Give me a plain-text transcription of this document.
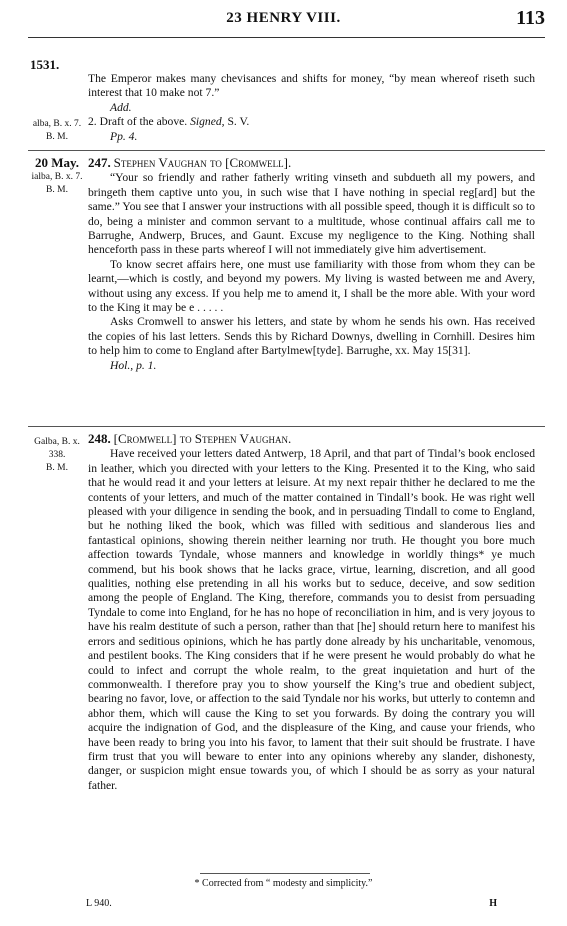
23 HENRY VIII.	113
1531.

The Emperor makes many chevisances and shifts for money, “by mean whereof riseth such interest that 10 make not 7.”

Add.

2. Draft of the above. Signed, S. V.

Pp. 4.

alba, B. x. 7.
B. M.
20 May.
ialba, B. x. 7.
B. M.

247. Stephen Vaughan to [Cromwell].

“Your so friendly and rather fatherly writing vinseth and subdueth all my powers, and bringeth them captive unto you, in such wise that I have nothing in special reg[ard] but the same.” You see that I answer your instructions with all possible speed, though it is difficult so to do, being a minister and common servant to a multitude, whose continual affairs call me to Barrughe, Andwerp, Bruces, and Gaunt. Excuse my negligence to the King. Nothing shall henceforth pass in these parts whereof I will not immediately give him advertisement.

To know secret affairs here, one must use familiarity with those from whom they can be learnt,—which is costly, and beyond my powers. My living is wasted between me and Avery, without using any excess. If you help me to amend it, I shall be the more able. With your word to the King it may be e . . . . .

Asks Cromwell to answer his letters, and state by whom he sends his own. Has received the copies of his last letters. Sends this by Richard Downys, dwelling in Cornhill. Desires him to help him to come to England after Bartylmew[tyde]. Barrughe, xx. May 15[31].

Hol., p. 1.

Galba, B. x.
338.
B. M.

248. [Cromwell] to Stephen Vaughan.

Have received your letters dated Antwerp, 18 April, and that part of Tindal’s book enclosed in leather, which you directed with your letters to the King. Presented it to the King, who said that he would read it and your letters at leisure. At my next repair thither he declared to me the contents of your letters, and much of the matter contained in Tindall’s book. He was right well pleased with your diligence in sending the book, and in persuading Tindall to come to England, but he nothing liked the book, which was filled with seditious and slanderous lies and fantastical opinions, showing therein neither learning nor truth. He thought you bore much affection towards Tyndale, whose manners and knowledge in worldly things* ye much commend, but his book shows that he lacks grace, virtue, learning, discretion, and all good qualities, nothing else pretending in all his works but to seduce, deceive, and sow sedition among the people of England. The King, therefore, commands you to desist from persuading Tyndale to come into England, for he has no hope of reconciliation in him, and is very joyous to have his realm destitute of such a person, rather than that [he] should return here to manifest his errors and seditious opinions, which he has partly done already by his uncharitable, venomous, and pestilent books. The King considers that if he were present he would probably do what he could to infect and corrupt the whole realm, to the great inquietation and hurt of the commonwealth. I therefore pray you to show yourself the King’s true and obedient subject, bearing no favor, love, or affection to the said Tyndale nor his works, but utterly to contemn and abhor them, which will cause the King to set you forwards. By doing the contrary you will acquire the indignation of God, and the displeasure of the King, and cause your friends, who have been ready to bring you into his favor, to lament that their suit should be frustrate. I have firm trust that you will beware to enter into any opinions whereby any slander, dishonesty, danger, or suspicion might ensue towards you, of which I should be as sorry as your natural father.

* Corrected from “ modesty and simplicity.”
L 940.	H
